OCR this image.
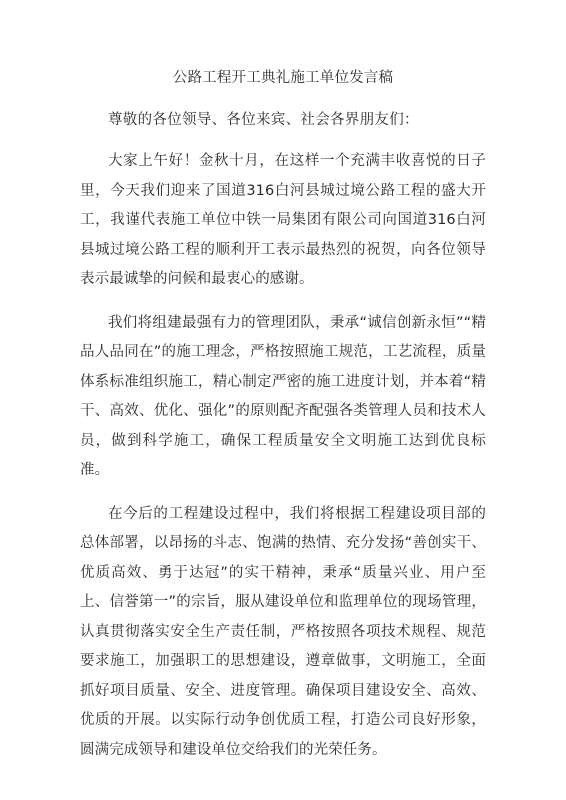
公路工程开工典礼施工单位发言稿
尊敬的各位领导、各位来宾、社会各界朋友们：
大家上午好！金秋十月，在这样一个充满丰收喜悦的日子里，今天我们迎来了国道316白河县城过境公路工程的盛大开工，我谨代表施工单位中铁一局集团有限公司向国道316白河县城过境公路工程的顺利开工表示最热烈的祝贺，向各位领导表示最诚挚的问候和最衷心的感谢。
我们将组建最强有力的管理团队，秉承“诚信创新永恒”“精品人品同在”的施工理念，严格按照施工规范，工艺流程，质量体系标准组织施工，精心制定严密的施工进度计划，并本着“精干、高效、优化、强化”的原则配齐配强各类管理人员和技术人员，做到科学施工，确保工程质量安全文明施工达到优良标准。
在今后的工程建设过程中，我们将根据工程建设项目部的总体部署，以昂扬的斗志、饱满的热情、充分发扬“善创实干、优质高效、勇于达冠”的实干精神，秉承“质量兴业、用户至上、信誉第一”的宗旨，服从建设单位和监理单位的现场管理，认真贯彻落实安全生产责任制，严格按照各项技术规程、规范要求施工，加强职工的思想建设，遵章做事，文明施工，全面抓好项目质量、安全、进度管理。确保项目建设安全、高效、优质的开展。以实际行动争创优质工程，打造公司良好形象，圆满完成领导和建设单位交给我们的光荣任务。
